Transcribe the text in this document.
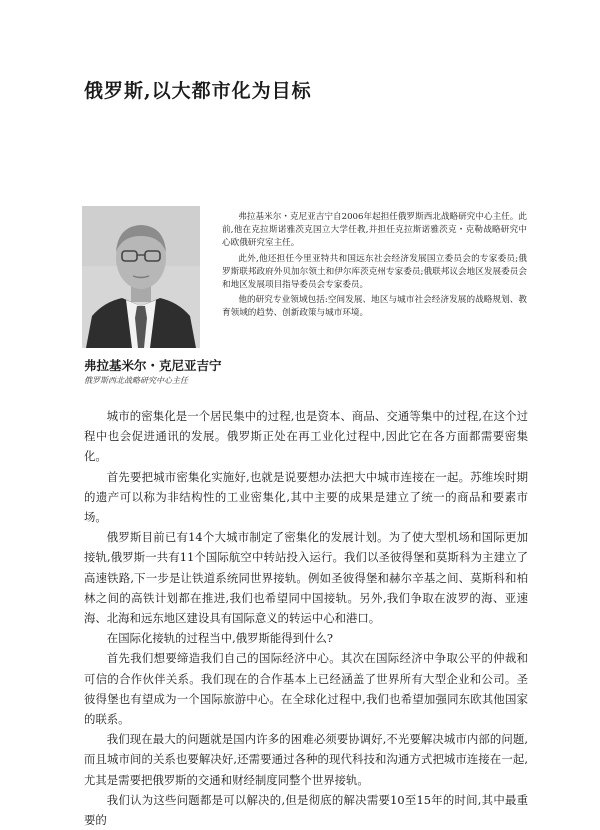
俄罗斯,以大都市化为目标

弗拉基米尔・克尼亚吉宁自2006年起担任俄罗斯西北战略研究中心主任。此前,他在克拉斯诺雅茨克国立大学任教,并担任克拉斯诺雅茨克・克勒战略研究中心欧俄研究室主任。

此外,他还担任今里亚特共和国远东社会经济发展国立委员会的专家委员;俄罗斯联邦政府外贝加尔领土和伊尔库茨克州专家委员;俄联邦议会地区发展委员会和地区发展项目指导委员会专家委员。

他的研究专业领域包括:空间发展、地区与城市社会经济发展的战略规划、教育领域的趋势、创新政策与城市环境。

弗拉基米尔・克尼亚吉宁
俄罗斯西北战略研究中心主任

城市的密集化是一个居民集中的过程,也是资本、商品、交通等集中的过程,在这个过程中也会促进通讯的发展。俄罗斯正处在再工业化过程中,因此它在各方面都需要密集化。

首先要把城市密集化实施好,也就是说要想办法把大中城市连接在一起。苏维埃时期的遗产可以称为非结构性的工业密集化,其中主要的成果是建立了统一的商品和要素市场。

俄罗斯目前已有14个大城市制定了密集化的发展计划。为了使大型机场和国际更加接轨,俄罗斯一共有11个国际航空中转站投入运行。我们以圣彼得堡和莫斯科为主建立了高速铁路,下一步是让铁道系统同世界接轨。例如圣彼得堡和赫尔辛基之间、莫斯科和柏林之间的高铁计划都在推进,我们也希望同中国接轨。另外,我们争取在波罗的海、亚速海、北海和远东地区建设具有国际意义的转运中心和港口。

在国际化接轨的过程当中,俄罗斯能得到什么?

首先我们想要缔造我们自己的国际经济中心。其次在国际经济中争取公平的仲裁和可信的合作伙伴关系。我们现在的合作基本上已经涵盖了世界所有大型企业和公司。圣彼得堡也有望成为一个国际旅游中心。在全球化过程中,我们也希望加强同东欧其他国家的联系。

我们现在最大的问题就是国内许多的困难必须要协调好,不光要解决城市内部的问题,而且城市间的关系也要解决好,还需要通过各种的现代科技和沟通方式把城市连接在一起,尤其是需要把俄罗斯的交通和财经制度同整个世界接轨。

我们认为这些问题都是可以解决的,但是彻底的解决需要10至15年的时间,其中最重要的
